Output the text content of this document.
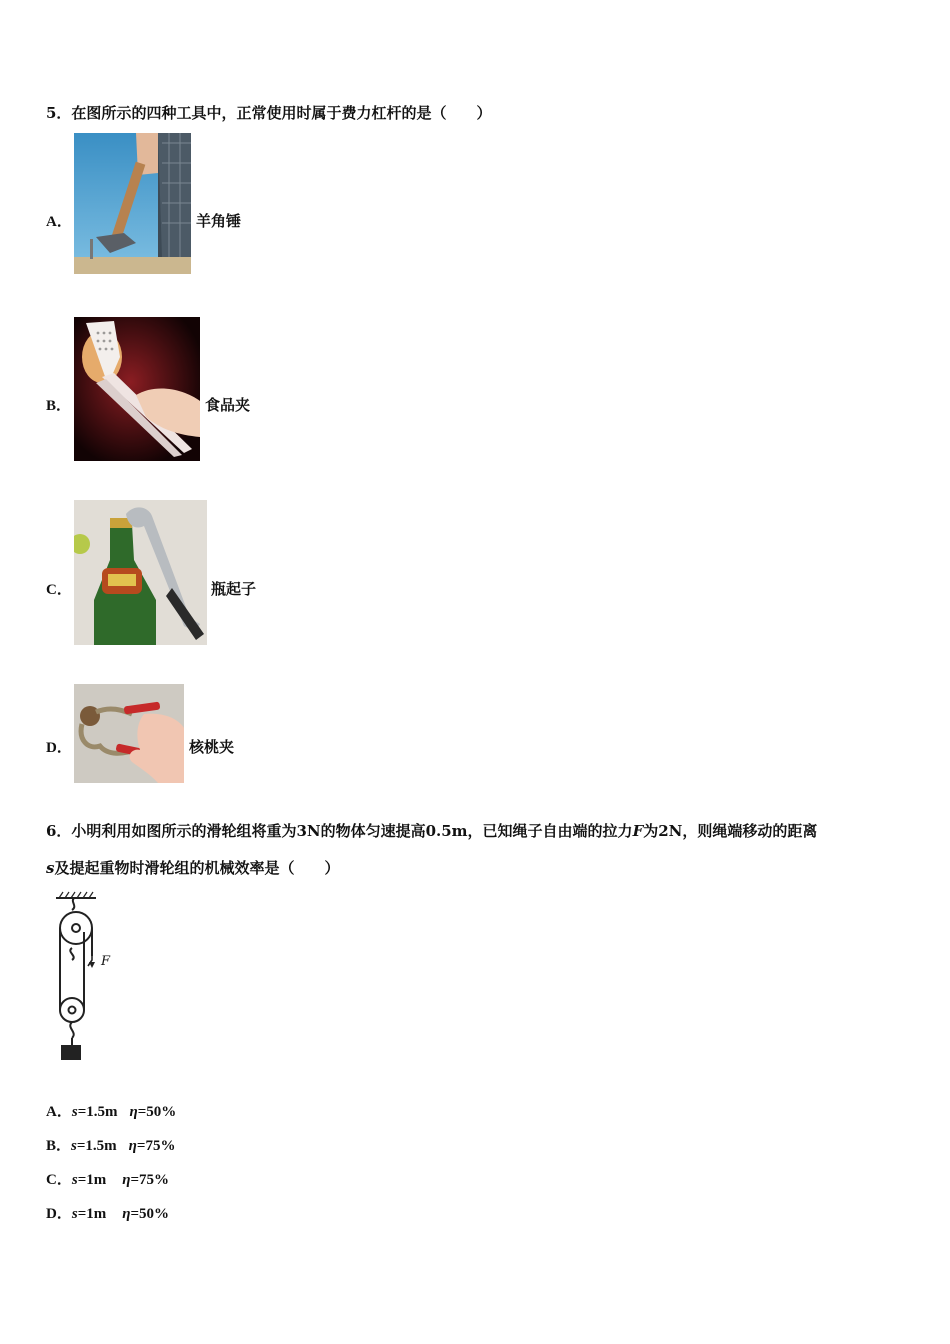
5．在图所示的四种工具中，正常使用时属于费力杠杆的是（　　）
A．	羊角锤
B．	食品夹
C．	瓶起子
D．	核桃夹
6．小明利用如图所示的滑轮组将重为3N的物体匀速提高0.5m，已知绳子自由端的拉力F为2N，则绳端移动的距离
s及提起重物时滑轮组的机械效率是（　　）
F
A．s=1.5m η=50%
B．s=1.5m η=75%
C．s=1m η=75%
D．s=1m η=50%
